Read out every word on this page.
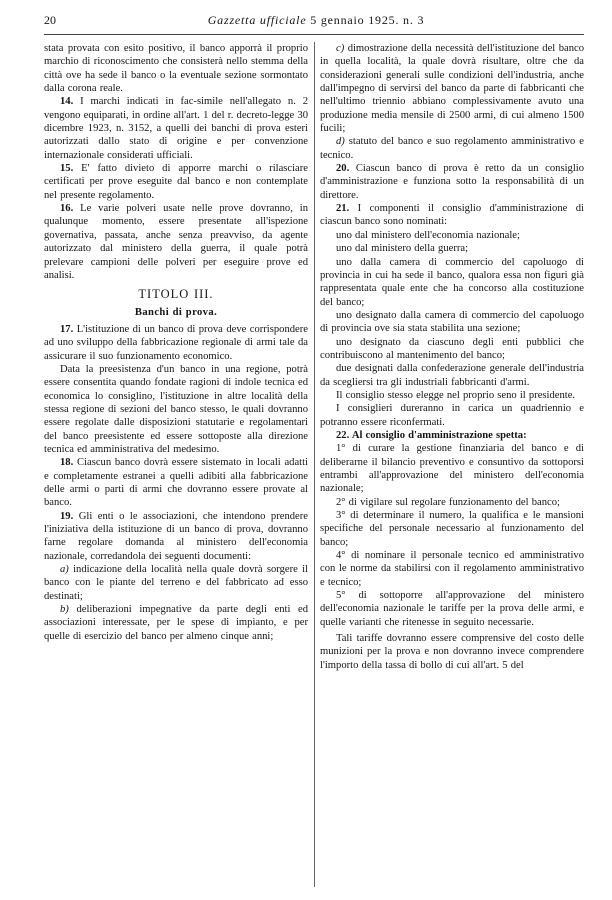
20	Gazzetta ufficiale 5 gennaio 1925. n. 3

stata provata con esito positivo, il banco apporrà il proprio marchio di riconoscimento che consisterà nello stemma della città ove ha sede il banco o la eventuale sezione sormontato dalla corona reale.

14. I marchi indicati in fac-simile nell'allegato n. 2 vengono equiparati, in ordine all'art. 1 del r. decreto-legge 30 dicembre 1923, n. 3152, a quelli dei banchi di prova esteri autorizzati dallo stato di origine e per convenzione internazionale considerati ufficiali.

15. E' fatto divieto di apporre marchi o rilasciare certificati per prove eseguite dal banco e non contemplate nel presente regolamento.

16. Le varie polveri usate nelle prove dovranno, in qualunque momento, essere presentate all'ispezione governativa, passata, anche senza preavviso, da agente autorizzato dal ministero della guerra, il quale potrà prelevare campioni delle polveri per eseguire prove ed analisi.

TITOLO III.

Banchi di prova.

17. L'istituzione di un banco di prova deve corrispondere ad uno sviluppo della fabbricazione regionale di armi tale da assicurare il suo funzionamento economico.

Data la preesistenza d'un banco in una regione, potrà essere consentita quando fondate ragioni di indole tecnica ed economica lo consiglino, l'istituzione in altre località della stessa regione di sezioni del banco stesso, le quali dovranno essere regolate dalle disposizioni statutarie e regolamentari del banco preesistente ed essere sottoposte alla direzione tecnica ed amministrativa del medesimo.

18. Ciascun banco dovrà essere sistemato in locali adatti e completamente estranei a quelli adibiti alla fabbricazione delle armi o parti di armi che dovranno essere provate al banco.

19. Gli enti o le associazioni, che intendono prendere l'iniziativa della istituzione di un banco di prova, dovranno farne regolare domanda al ministero dell'economia nazionale, corredandola dei seguenti documenti:

a) indicazione della località nella quale dovrà sorgere il banco con le piante del terreno e del fabbricato ad esso destinati;

b) deliberazioni impegnative da parte degli enti ed associazioni interessate, per le spese di impianto, e per quelle di esercizio del banco per almeno cinque anni;

c) dimostrazione della necessità dell'istituzione del banco in quella località, la quale dovrà risultare, oltre che da considerazioni generali sulle condizioni dell'industria, anche dall'impegno di servirsi del banco da parte di fabbricanti che nell'ultimo triennio abbiano complessivamente avuto una produzione media mensile di 2500 armi, di cui almeno 1500 fucili;

d) statuto del banco e suo regolamento amministrativo e tecnico.

20. Ciascun banco di prova è retto da un consiglio d'amministrazione e funziona sotto la responsabilità di un direttore.

21. I componenti il consiglio d'amministrazione di ciascun banco sono nominati:

uno dal ministero dell'economia nazionale;

uno dal ministero della guerra;

uno dalla camera di commercio del capoluogo di provincia in cui ha sede il banco, qualora essa non figuri già rappresentata quale ente che ha concorso alla costituzione del banco;

uno designato dalla camera di commercio del capoluogo di provincia ove sia stata stabilita una sezione;

uno designato da ciascuno degli enti pubblici che contribuiscono al mantenimento del banco;

due designati dalla confederazione generale dell'industria da scegliersi tra gli industriali fabbricanti d'armi.

Il consiglio stesso elegge nel proprio seno il presidente.

I consiglieri dureranno in carica un quadriennio e potranno essere riconfermati.

22. Al consiglio d'amministrazione spetta:

1° di curare la gestione finanziaria del banco e di deliberarne il bilancio preventivo e consuntivo da sottoporsi entrambi all'approvazione del ministero dell'economia nazionale;

2° di vigilare sul regolare funzionamento del banco;

3° di determinare il numero, la qualifica e le mansioni specifiche del personale necessario al funzionamento del banco;

4° di nominare il personale tecnico ed amministrativo con le norme da stabilirsi con il regolamento amministrativo e tecnico;

5° di sottoporre all'approvazione del ministero dell'economia nazionale le tariffe per la prova delle armi, e quelle varianti che ritenesse in seguito necessarie.

Tali tariffe dovranno essere comprensive del costo delle munizioni per la prova e non dovranno invece comprendere l'importo della tassa di bollo di cui all'art. 5 del
